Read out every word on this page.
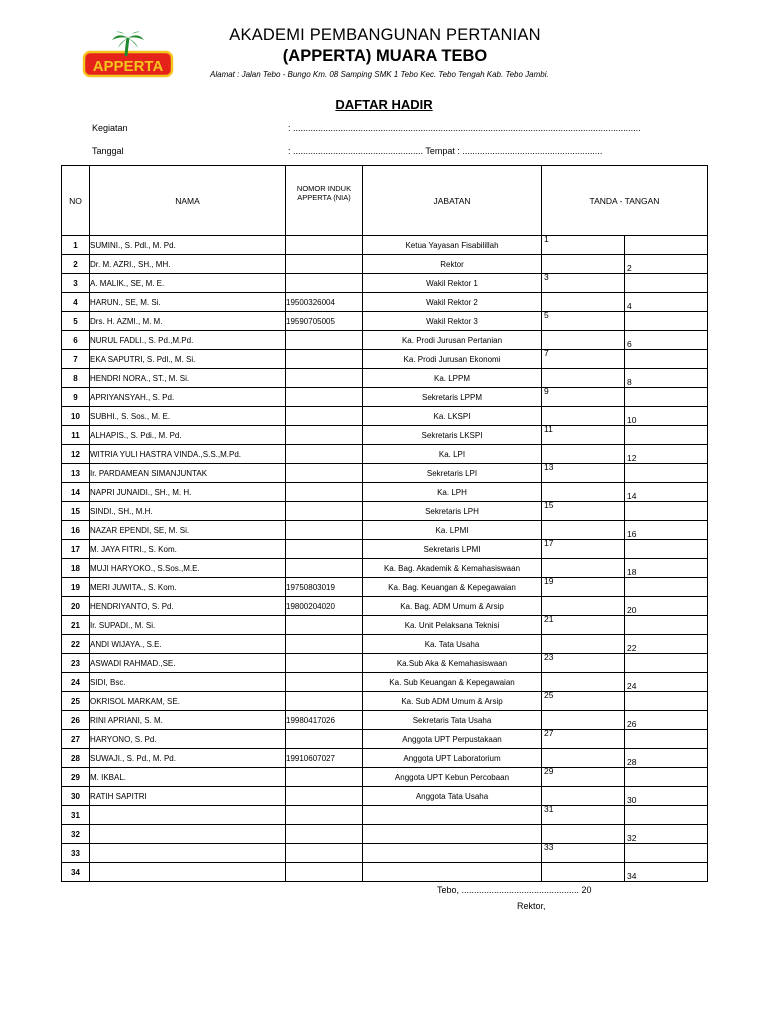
APPERTA
AKADEMI PEMBANGUNAN PERTANIAN
(APPERTA) MUARA TEBO
Alamat : Jalan Tebo - Bungo Km. 08 Samping SMK 1 Tebo Kec. Tebo Tengah Kab. Tebo Jambi.
DAFTAR HADIR
Kegiatan	: ...........................................................................................................................................
Tanggal	: .................................................... Tempat : ........................................................
NO	NAMA	NOMOR INDUK APPERTA (NIA)	JABATAN	TANDA - TANGAN	
1	SUMINI., S. Pdl., M. Pd.		Ketua Yayasan Fisabilillah	1	

2	Dr. M. AZRI., SH., MH.		Rektor		2

3	A. MALIK., SE, M. E.		Wakil Rektor 1	3	

4	HARUN., SE, M. Si.	19500326004	Wakil Rektor 2		4

5	Drs. H. AZMI., M. M.	19590705005	Wakil Rektor 3	5	

6	NURUL FADLI., S. Pd.,M.Pd.		Ka. Prodi Jurusan Pertanian		6

7	EKA SAPUTRI, S. Pdl., M. Si.		Ka. Prodi Jurusan Ekonomi	7	

8	HENDRI NORA., ST., M. Si.		Ka. LPPM		8

9	APRIYANSYAH., S. Pd.		Sekretaris LPPM	9	

10	SUBHI., S. Sos., M. E.		Ka. LKSPI		10

11	ALHAPIS., S. Pdi., M. Pd.		Sekretaris LKSPI	11	

12	WITRIA YULI HASTRA VINDA.,S.S.,M.Pd.		Ka. LPI		12

13	Ir. PARDAMEAN SIMANJUNTAK		Sekretaris LPI	13	

14	NAPRI JUNAIDI., SH., M. H.		Ka. LPH		14

15	SINDI., SH., M.H.		Sekretaris LPH	15	

16	NAZAR EPENDI, SE, M. Si.		Ka. LPMI		16

17	M. JAYA FITRI., S. Kom.		Sekretaris LPMI	17	

18	MUJI HARYOKO., S.Sos.,M.E.		Ka. Bag. Akademik & Kemahasiswaan		18

19	MERI JUWITA., S. Kom.	19750803019	Ka. Bag. Keuangan & Kepegawaian	19	

20	HENDRIYANTO, S. Pd.	19800204020	Ka. Bag. ADM Umum & Arsip		20

21	Ir. SUPADI., M. Si.		Ka. Unit Pelaksana Teknisi	21	

22	ANDI WIJAYA., S.E.		Ka. Tata Usaha		22

23	ASWADI RAHMAD.,SE.		Ka.Sub Aka & Kemahasiswaan	23	

24	SIDI, Bsc.		Ka. Sub Keuangan & Kepegawaian		24

25	OKRISOL MARKAM, SE.		Ka. Sub ADM Umum & Arsip	25	

26	RINI APRIANI, S. M.	19980417026	Sekretaris Tata Usaha		26

27	HARYONO, S. Pd.		Anggota UPT Perpustakaan	27	

28	SUWAJI., S. Pd., M. Pd.	19910607027	Anggota UPT Laboratorium		28

29	M. IKBAL.		Anggota UPT Kebun Percobaan	29	

30	RATIH SAPITRI		Anggota Tata Usaha		30

31				31	

32					32

33				33	

34					34
Tebo, ............................................... 20
Rektor,
